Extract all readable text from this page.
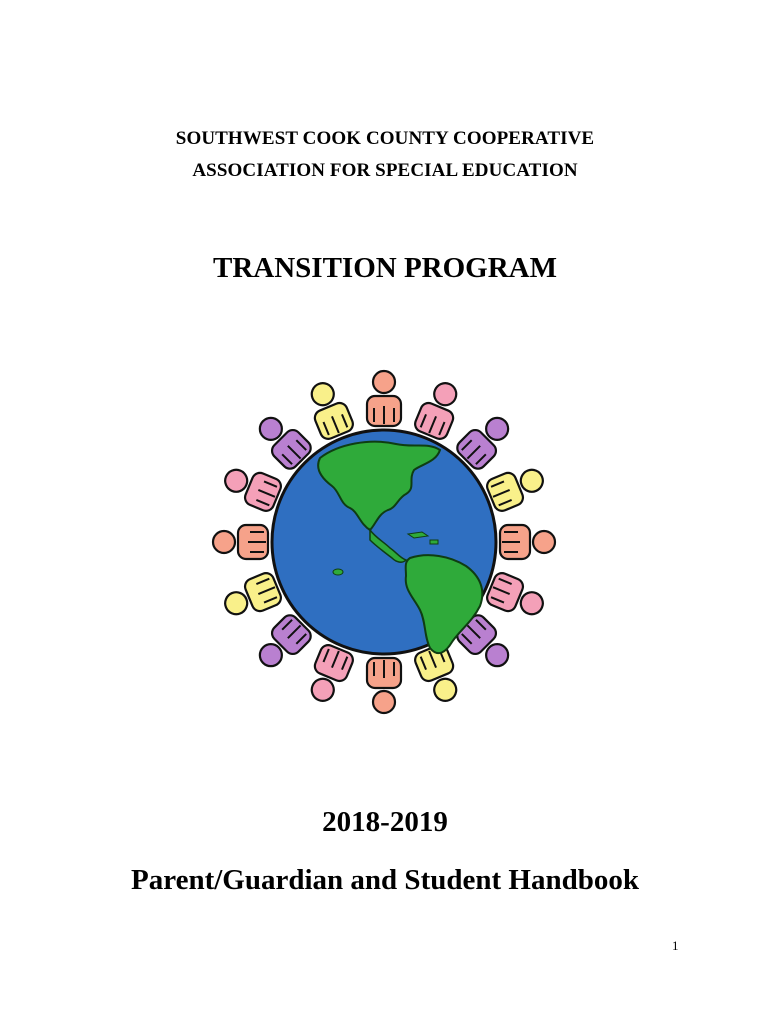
SOUTHWEST COOK COUNTY COOPERATIVE
ASSOCIATION FOR SPECIAL EDUCATION
TRANSITION PROGRAM
2018-2019
Parent/Guardian and Student Handbook
1
